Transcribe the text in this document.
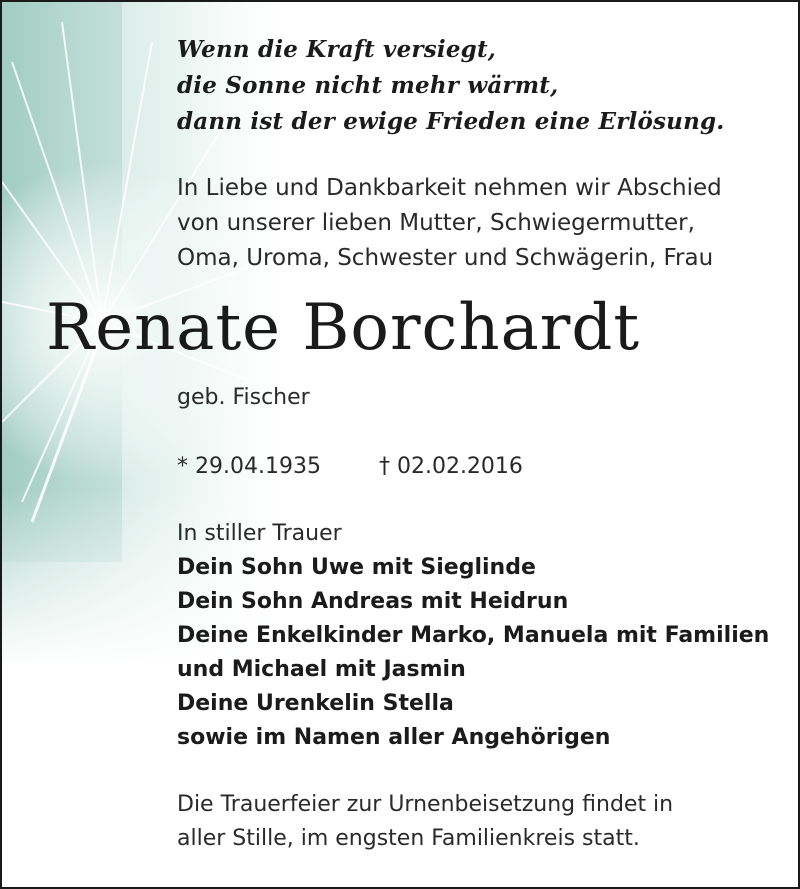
Wenn die Kraft versiegt,
die Sonne nicht mehr wärmt,
dann ist der ewige Frieden eine Erlösung.
In Liebe und Dankbarkeit nehmen wir Abschied
von unserer lieben Mutter, Schwiegermutter,
Oma, Uroma, Schwester und Schwägerin, Frau
Renate Borchardt
geb. Fischer
* 29.04.1935	† 02.02.2016
In stiller Trauer
Dein Sohn Uwe mit Sieglinde
Dein Sohn Andreas mit Heidrun
Deine Enkelkinder Marko, Manuela mit Familien
und Michael mit Jasmin
Deine Urenkelin Stella
sowie im Namen aller Angehörigen
Die Trauerfeier zur Urnenbeisetzung findet in
aller Stille, im engsten Familienkreis statt.
